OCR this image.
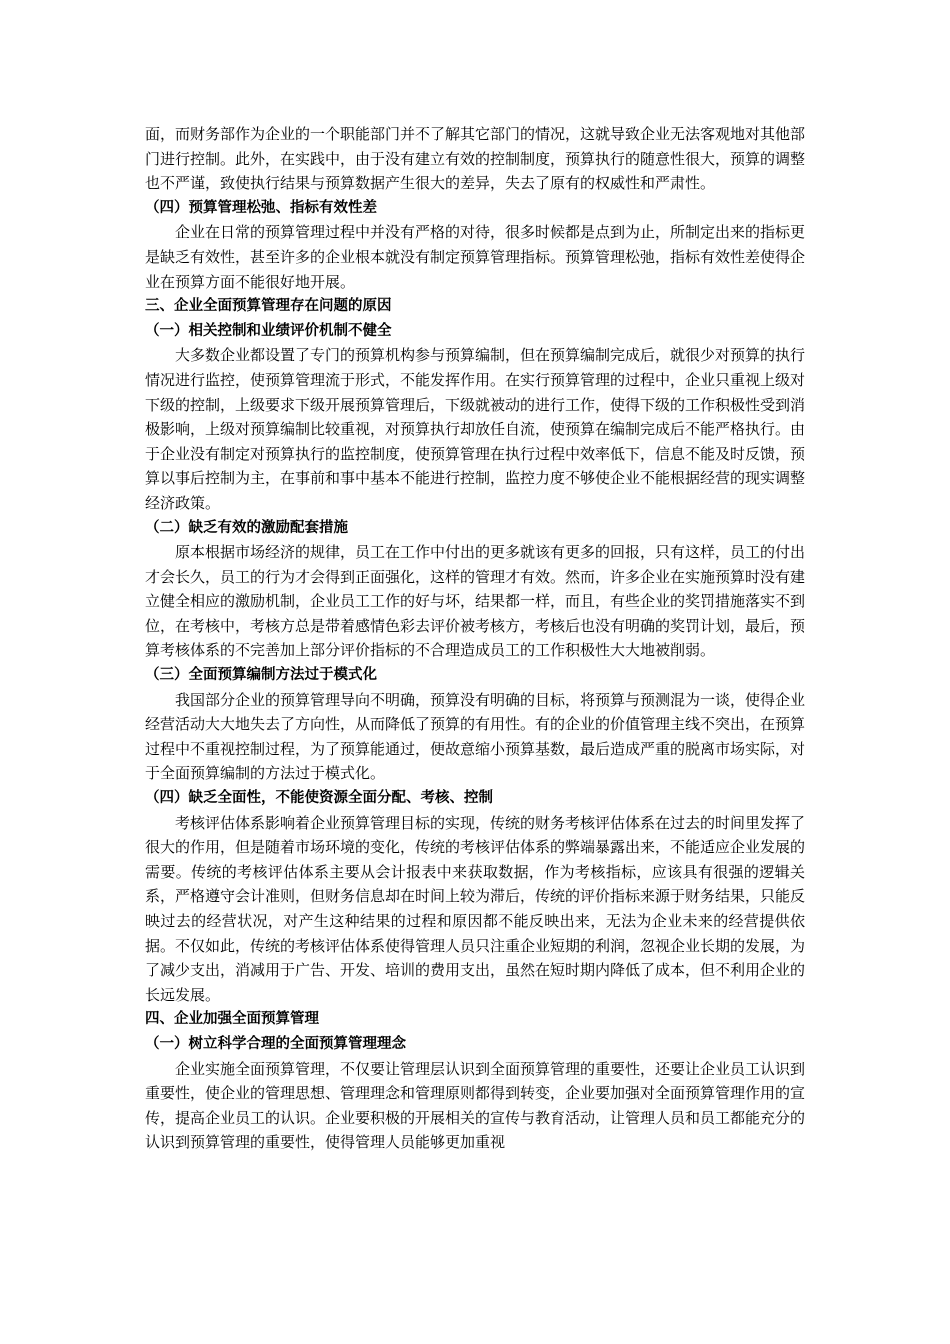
面，而财务部作为企业的一个职能部门并不了解其它部门的情况，这就导致企业无法客观地对其他部门进行控制。此外，在实践中，由于没有建立有效的控制制度，预算执行的随意性很大，预算的调整也不严谨，致使执行结果与预算数据产生很大的差异，失去了原有的权威性和严肃性。

（四）预算管理松弛、指标有效性差

企业在日常的预算管理过程中并没有严格的对待，很多时候都是点到为止，所制定出来的指标更是缺乏有效性，甚至许多的企业根本就没有制定预算管理指标。预算管理松弛，指标有效性差使得企业在预算方面不能很好地开展。

三、企业全面预算管理存在问题的原因

（一）相关控制和业绩评价机制不健全

大多数企业都设置了专门的预算机构参与预算编制，但在预算编制完成后，就很少对预算的执行情况进行监控，使预算管理流于形式，不能发挥作用。在实行预算管理的过程中，企业只重视上级对下级的控制，上级要求下级开展预算管理后，下级就被动的进行工作，使得下级的工作积极性受到消极影响，上级对预算编制比较重视，对预算执行却放任自流，使预算在编制完成后不能严格执行。由于企业没有制定对预算执行的监控制度，使预算管理在执行过程中效率低下，信息不能及时反馈，预算以事后控制为主，在事前和事中基本不能进行控制，监控力度不够使企业不能根据经营的现实调整经济政策。

（二）缺乏有效的激励配套措施

原本根据市场经济的规律，员工在工作中付出的更多就该有更多的回报，只有这样，员工的付出才会长久，员工的行为才会得到正面强化，这样的管理才有效。然而，许多企业在实施预算时没有建立健全相应的激励机制，企业员工工作的好与坏，结果都一样，而且，有些企业的奖罚措施落实不到位，在考核中，考核方总是带着感情色彩去评价被考核方，考核后也没有明确的奖罚计划，最后，预算考核体系的不完善加上部分评价指标的不合理造成员工的工作积极性大大地被削弱。

（三）全面预算编制方法过于模式化

我国部分企业的预算管理导向不明确，预算没有明确的目标，将预算与预测混为一谈，使得企业经营活动大大地失去了方向性，从而降低了预算的有用性。有的企业的价值管理主线不突出，在预算过程中不重视控制过程，为了预算能通过，便故意缩小预算基数，最后造成严重的脱离市场实际，对于全面预算编制的方法过于模式化。

（四）缺乏全面性，不能使资源全面分配、考核、控制

考核评估体系影响着企业预算管理目标的实现，传统的财务考核评估体系在过去的时间里发挥了很大的作用，但是随着市场环境的变化，传统的考核评估体系的弊端暴露出来，不能适应企业发展的需要。传统的考核评估体系主要从会计报表中来获取数据，作为考核指标，应该具有很强的逻辑关系，严格遵守会计准则，但财务信息却在时间上较为滞后，传统的评价指标来源于财务结果，只能反映过去的经营状况，对产生这种结果的过程和原因都不能反映出来，无法为企业未来的经营提供依据。不仅如此，传统的考核评估体系使得管理人员只注重企业短期的利润，忽视企业长期的发展，为了减少支出，消减用于广告、开发、培训的费用支出，虽然在短时期内降低了成本，但不利用企业的长远发展。

四、企业加强全面预算管理

（一）树立科学合理的全面预算管理理念

企业实施全面预算管理，不仅要让管理层认识到全面预算管理的重要性，还要让企业员工认识到重要性，使企业的管理思想、管理理念和管理原则都得到转变，企业要加强对全面预算管理作用的宣传，提高企业员工的认识。企业要积极的开展相关的宣传与教育活动，让管理人员和员工都能充分的认识到预算管理的重要性，使得管理人员能够更加重视
